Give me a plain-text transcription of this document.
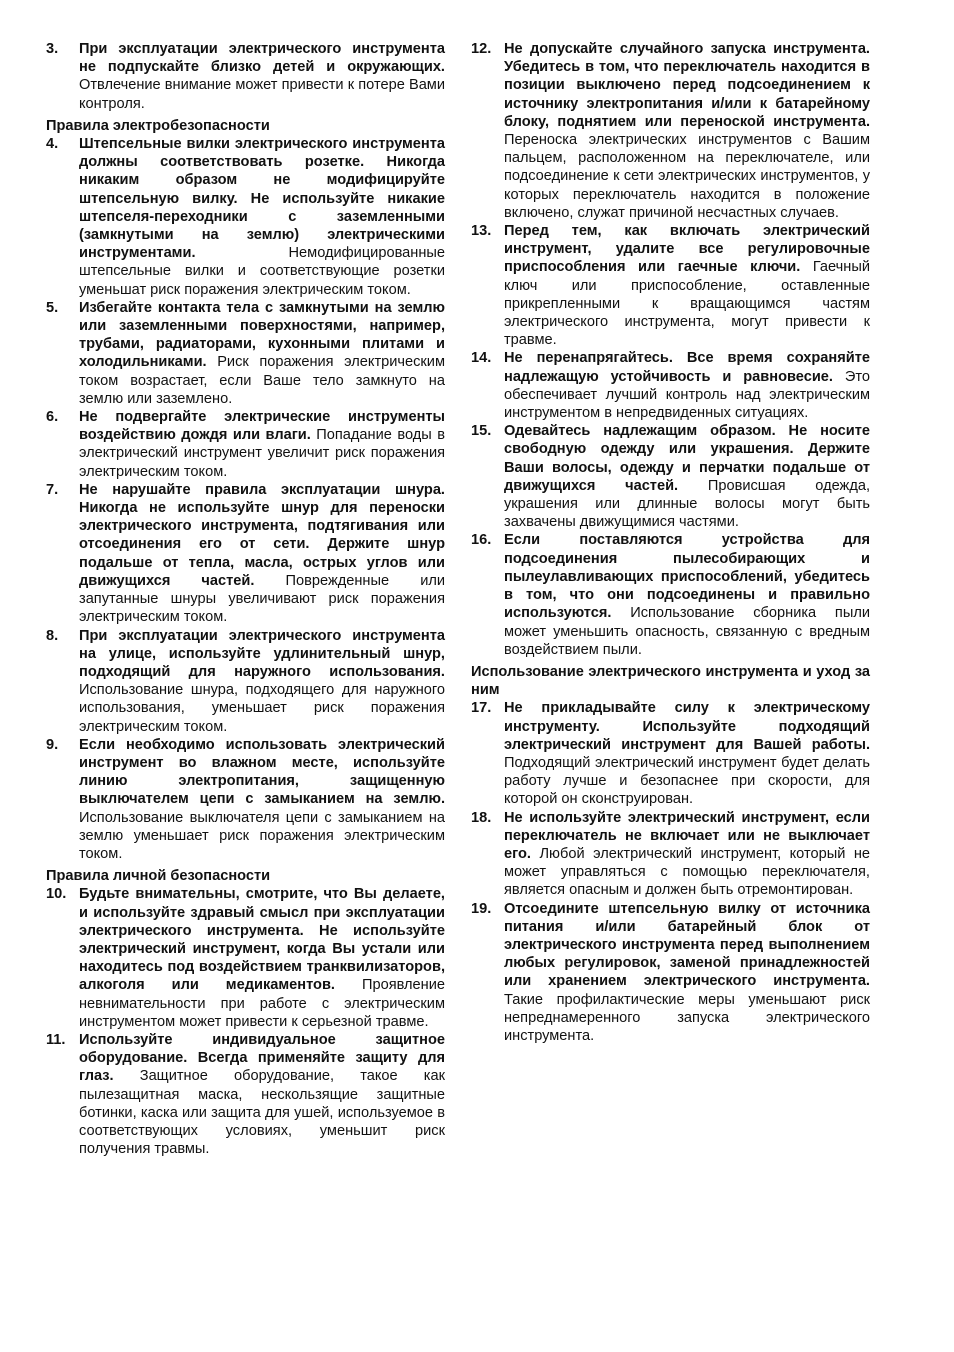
3. При эксплуатации электрического инструмента не подпускайте близко детей и окружающих. Отвлечение внимание может привести к потере Вами контроля.
Правила электробезопасности
4. Штепсельные вилки электрического инструмента должны соответствовать розетке. Никогда никаким образом не модифицируйте штепсельную вилку. Не используйте никакие штепселя-переходники с заземленными (замкнутыми на землю) электрическими инструментами.	Немодифицированные штепсельные вилки и соответствующие розетки уменьшат риск поражения электрическим током.
5. Избегайте контакта тела с замкнутыми на землю или заземленными поверхностями, например, трубами, радиаторами, кухонными плитами и холодильниками. Риск поражения электрическим током возрастает, если Ваше тело замкнуто на землю или заземлено.
6. Не подвергайте электрические инструменты воздействию дождя или влаги. Попадание воды в электрический инструмент увеличит риск поражения электрическим током.
7. Не нарушайте правила эксплуатации шнура. Никогда не используйте шнур для переноски электрического инструмента, подтягивания или отсоединения его от сети. Держите шнур подальше от тепла, масла, острых углов или движущихся частей. Поврежденные или запутанные шнуры увеличивают риск поражения электрическим током.
8. При эксплуатации электрического инструмента на улице, используйте удлинительный шнур, подходящий для наружного использования. Использование шнура, подходящего для наружного использования, уменьшает риск поражения электрическим током.
9. Если необходимо использовать электрический инструмент во влажном месте, используйте линию электропитания, защищенную выключателем цепи с замыканием на землю. Использование выключателя цепи с замыканием на землю уменьшает риск поражения электрическим током.
Правила личной безопасности
10. Будьте внимательны, смотрите, что Вы делаете, и используйте здравый смысл при эксплуатации электрического инструмента. Не используйте электрический инструмент, когда Вы устали или находитесь под воздействием транквилизаторов, алкоголя или медикаментов. Проявление невнимательности при работе с электрическим инструментом может привести к серьезной травме.
11. Используйте индивидуальное защитное оборудование. Всегда применяйте защиту для глаз. Защитное оборудование, такое как пылезащитная маска, нескользящие защитные ботинки, каска или защита для ушей, используемое в соответствующих условиях, уменьшит риск получения травмы.
12. Не допускайте случайного запуска инструмента. Убедитесь в том, что переключатель находится в позиции выключено перед подсоединением к источнику электропитания и/или к батарейному блоку, поднятием или переноской инструмента. Переноска электрических инструментов с Вашим пальцем, расположенном на переключателе, или подсоединение к сети электрических инструментов, у которых переключатель находится в положение включено, служат причиной несчастных случаев.
13. Перед тем, как включать электрический инструмент, удалите все регулировочные приспособления или гаечные ключи. Гаечный ключ или приспособление, оставленные прикрепленными к вращающимся частям электрического инструмента, могут привести к травме.
14. Не перенапрягайтесь. Все время сохраняйте надлежащую устойчивость и равновесие. Это обеспечивает лучший контроль над электрическим инструментом в непредвиденных ситуациях.
15. Одевайтесь надлежащим образом. Не носите свободную одежду или украшения. Держите Ваши волосы, одежду и перчатки подальше от движущихся частей. Провисшая одежда, украшения или длинные волосы могут быть захвачены движущимися частями.
16. Если поставляются устройства для подсоединения пылесобирающих и пылеулавливающих приспособлений, убедитесь в том, что они подсоединены и правильно используются. Использование сборника пыли может уменьшить опасность, связанную с вредным воздействием пыли.
Использование электрического инструмента и уход за ним
17. Не прикладывайте силу к электрическому инструменту. Используйте подходящий электрический инструмент для Вашей работы. Подходящий электрический инструмент будет делать работу лучше и безопаснее при скорости, для которой он сконструирован.
18. Не используйте электрический инструмент, если переключатель не включает или не выключает его. Любой электрический инструмент, который не может управляться с помощью переключателя, является опасным и должен быть отремонтирован.
19. Отсоедините штепсельную вилку от источника питания и/или батарейный блок от электрического инструмента перед выполнением любых регулировок, заменой принадлежностей или хранением электрического инструмента. Такие профилактические меры уменьшают риск непреднамеренного запуска электрического инструмента.
